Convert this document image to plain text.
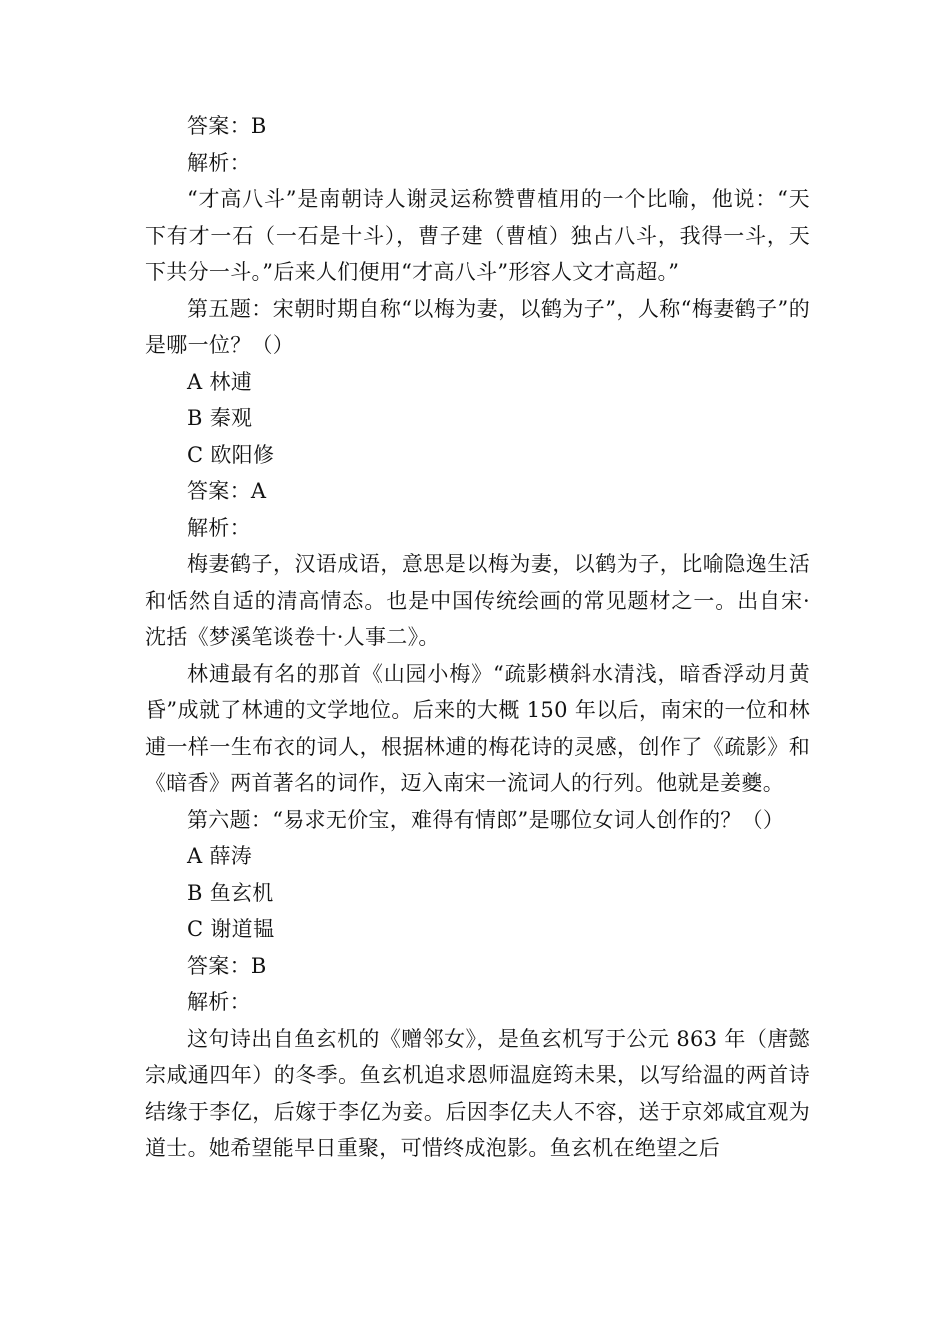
答案：B

解析：

“才高八斗”是南朝诗人谢灵运称赞曹植用的一个比喻，他说：“天下有才一石（一石是十斗），曹子建（曹植）独占八斗，我得一斗，天下共分一斗。”后来人们便用“才高八斗”形容人文才高超。”

第五题：宋朝时期自称“以梅为妻，以鹤为子”，人称“梅妻鹤子”的是哪一位？（）

A 林逋

B 秦观

C 欧阳修

答案：A

解析：

梅妻鹤子，汉语成语，意思是以梅为妻，以鹤为子，比喻隐逸生活和恬然自适的清高情态。也是中国传统绘画的常见题材之一。出自宋·沈括《梦溪笔谈卷十·人事二》。

林逋最有名的那首《山园小梅》“疏影横斜水清浅，暗香浮动月黄昏”成就了林逋的文学地位。后来的大概 150 年以后，南宋的一位和林逋一样一生布衣的词人，根据林逋的梅花诗的灵感，创作了《疏影》和《暗香》两首著名的词作，迈入南宋一流词人的行列。他就是姜夔。

第六题：“易求无价宝，难得有情郎”是哪位女词人创作的？（）

A 薛涛

B 鱼玄机

C 谢道韫

答案：B

解析：

这句诗出自鱼玄机的《赠邻女》，是鱼玄机写于公元 863 年（唐懿宗咸通四年）的冬季。鱼玄机追求恩师温庭筠未果，以写给温的两首诗结缘于李亿，后嫁于李亿为妾。后因李亿夫人不容，送于京郊咸宜观为道士。她希望能早日重聚，可惜终成泡影。鱼玄机在绝望之后
